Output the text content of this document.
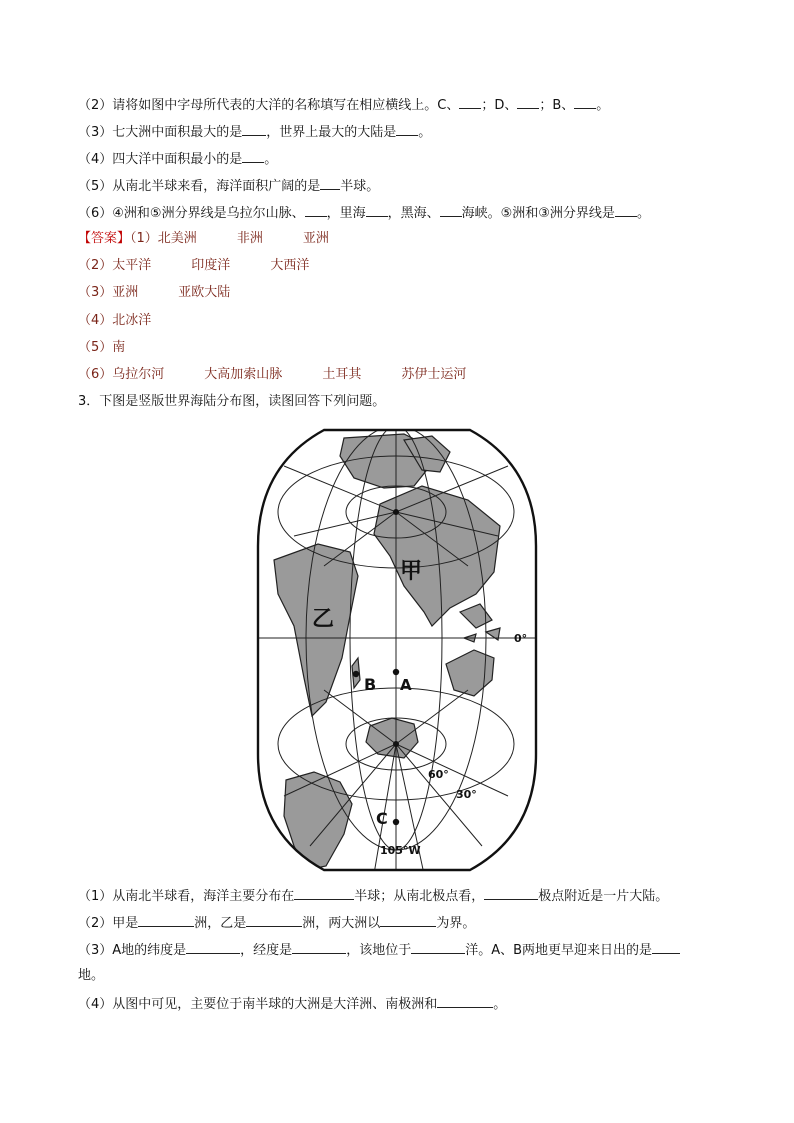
（2）请将如图中字母所代表的大洋的名称填写在相应横线上。C、 ；D、 ；B、 。
（3）七大洲中面积最大的是 ，世界上最大的大陆是 。
（4）四大洋中面积最小的是 。
（5）从南北半球来看，海洋面积广阔的是 半球。
（6）④洲和⑤洲分界线是乌拉尔山脉、 ，里海 ，黑海、 海峡。⑤洲和③洲分界线是 。
【答案】（1）北美洲	非洲	亚洲
（2）太平洋	印度洋	大西洋
（3）亚洲	亚欧大陆
（4）北冰洋
（5）南
（6）乌拉尔河	大高加索山脉	土耳其	苏伊士运河
3．下图是竖版世界海陆分布图，读图回答下列问题。
甲
乙
A
B
C
0°
60°
30°
105°W
（1）从南北半球看，海洋主要分布在	半球；从南北极点看，	极点附近是一片大陆。
（2）甲是	洲，乙是	洲，两大洲以	为界。
（3）A地的纬度是	，经度是	，该地位于	洋。A、B两地更早迎来日出的是
地。
（4）从图中可见，主要位于南半球的大洲是大洋洲、南极洲和	。
